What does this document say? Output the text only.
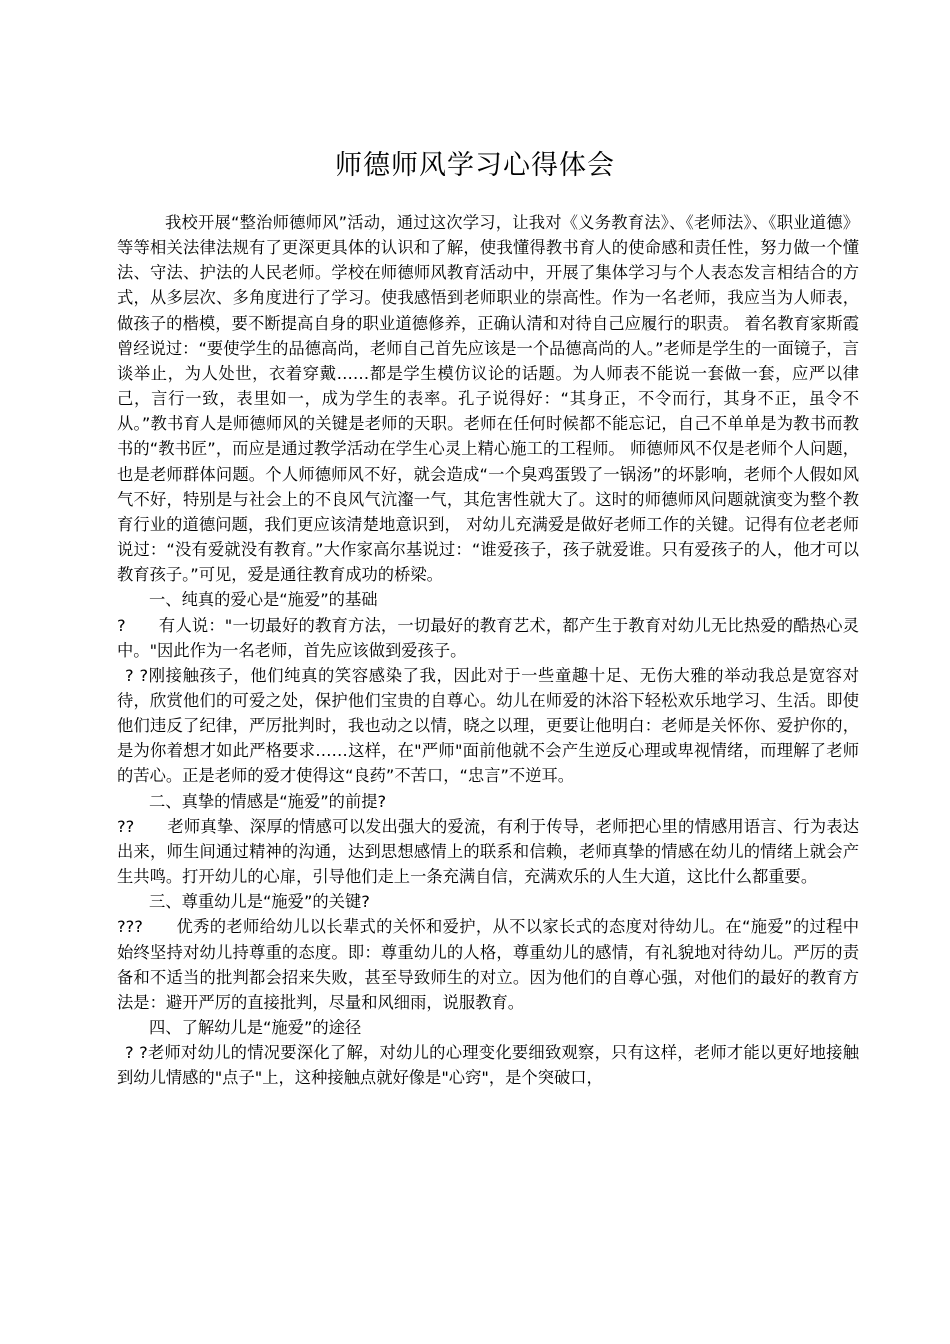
师德师风学习心得体会

我校开展“整治师德师风”活动，通过这次学习，让我对《义务教育法》、《老师法》、《职业道德》等等相关法律法规有了更深更具体的认识和了解，使我懂得教书育人的使命感和责任性，努力做一个懂法、守法、护法的人民老师。学校在师德师风教育活动中，开展了集体学习与个人表态发言相结合的方式，从多层次、多角度进行了学习。使我感悟到老师职业的崇高性。作为一名老师，我应当为人师表，做孩子的楷模，要不断提高自身的职业道德修养，正确认清和对待自己应履行的职责。 着名教育家斯霞曾经说过：“要使学生的品德高尚，老师自己首先应该是一个品德高尚的人。”老师是学生的一面镜子，言谈举止，为人处世，衣着穿戴……都是学生模仿议论的话题。为人师表不能说一套做一套，应严以律己，言行一致，表里如一，成为学生的表率。孔子说得好：“其身正，不令而行，其身不正，虽令不从。”教书育人是师德师风的关键是老师的天职。老师在任何时候都不能忘记，自己不单单是为教书而教书的“教书匠”，而应是通过教学活动在学生心灵上精心施工的工程师。 师德师风不仅是老师个人问题，也是老师群体问题。个人师德师风不好，就会造成“一个臭鸡蛋毁了一锅汤”的坏影响，老师个人假如风气不好，特别是与社会上的不良风气沆瀣一气，其危害性就大了。这时的师德师风问题就演变为整个教育行业的道德问题，我们更应该清楚地意识到， 对幼儿充满爱是做好老师工作的关键。记得有位老老师说过：“没有爱就没有教育。”大作家高尔基说过：“谁爱孩子，孩子就爱谁。只有爱孩子的人，他才可以教育孩子。”可见，爱是通往教育成功的桥梁。

一、纯真的爱心是“施爱”的基础

?　　有人说："一切最好的教育方法，一切最好的教育艺术，都产生于教育对幼儿无比热爱的酷热心灵中。"因此作为一名老师，首先应该做到爱孩子。

? ?刚接触孩子，他们纯真的笑容感染了我，因此对于一些童趣十足、无伤大雅的举动我总是宽容对待，欣赏他们的可爱之处，保护他们宝贵的自尊心。幼儿在师爱的沐浴下轻松欢乐地学习、生活。即使他们违反了纪律，严厉批判时，我也动之以情，晓之以理，更要让他明白：老师是关怀你、爱护你的，是为你着想才如此严格要求……这样，在"严师"面前他就不会产生逆反心理或卑视情绪，而理解了老师的苦心。正是老师的爱才使得这“良药”不苦口，“忠言”不逆耳。

二、真挚的情感是“施爱”的前提?

??　　老师真挚、深厚的情感可以发出强大的爱流，有利于传导，老师把心里的情感用语言、行为表达出来，师生间通过精神的沟通，达到思想感情上的联系和信赖，老师真挚的情感在幼儿的情绪上就会产生共鸣。打开幼儿的心扉，引导他们走上一条充满自信，充满欢乐的人生大道，这比什么都重要。

三、尊重幼儿是“施爱”的关键?

???　　优秀的老师给幼儿以长辈式的关怀和爱护，从不以家长式的态度对待幼儿。在“施爱”的过程中始终坚持对幼儿持尊重的态度。即：尊重幼儿的人格，尊重幼儿的感情，有礼貌地对待幼儿。严厉的责备和不适当的批判都会招来失败，甚至导致师生的对立。因为他们的自尊心强，对他们的最好的教育方法是：避开严厉的直接批判，尽量和风细雨，说服教育。

四、了解幼儿是“施爱”的途径

? ?老师对幼儿的情况要深化了解，对幼儿的心理变化要细致观察，只有这样，老师才能以更好地接触到幼儿情感的"点子"上，这种接触点就好像是"心窍"，是个突破口，
